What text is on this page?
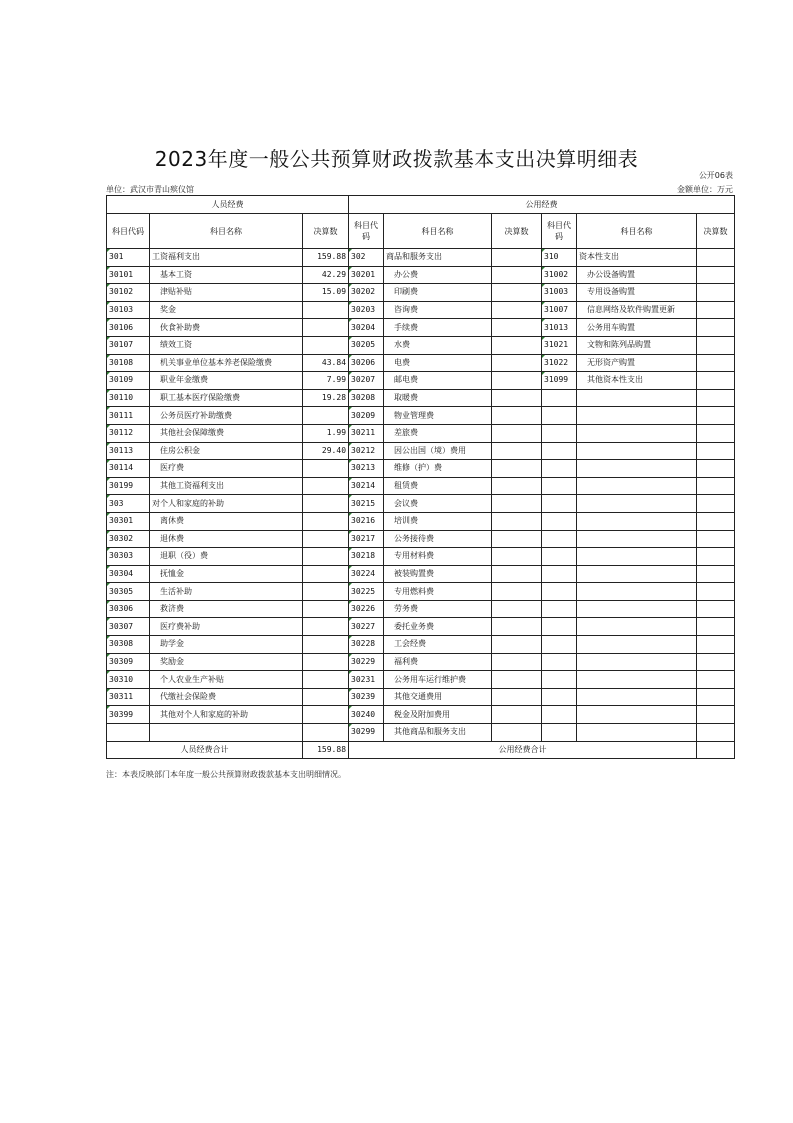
2023年度一般公共预算财政拨款基本支出决算明细表
公开06表
单位：武汉市青山殡仪馆	金额单位：万元
人员经费			公用经费					
科目代码	科目名称	决算数	科目代码	科目名称	决算数	科目代码	科目名称	决算数
301	工资福利支出	159.88	302	商品和服务支出		310	资本性支出	
30101	基本工资	42.29	30201	办公费		31002	办公设备购置	
30102	津贴补贴	15.09	30202	印刷费		31003	专用设备购置	
30103	奖金		30203	咨询费		31007	信息网络及软件购置更新	
30106	伙食补助费		30204	手续费		31013	公务用车购置	
30107	绩效工资		30205	水费		31021	文物和陈列品购置	
30108	机关事业单位基本养老保险缴费	43.84	30206	电费		31022	无形资产购置	
30109	职业年金缴费	7.99	30207	邮电费		31099	其他资本性支出	
30110	职工基本医疗保险缴费	19.28	30208	取暖费				
30111	公务员医疗补助缴费		30209	物业管理费				
30112	其他社会保障缴费	1.99	30211	差旅费				
30113	住房公积金	29.40	30212	因公出国（境）费用				
30114	医疗费		30213	维修（护）费				
30199	其他工资福利支出		30214	租赁费				
303	对个人和家庭的补助		30215	会议费				
30301	离休费		30216	培训费				
30302	退休费		30217	公务接待费				
30303	退职（役）费		30218	专用材料费				
30304	抚恤金		30224	被装购置费				
30305	生活补助		30225	专用燃料费				
30306	救济费		30226	劳务费				
30307	医疗费补助		30227	委托业务费				
30308	助学金		30228	工会经费				
30309	奖励金		30229	福利费				
30310	个人农业生产补贴		30231	公务用车运行维护费				
30311	代缴社会保险费		30239	其他交通费用				
30399	其他对个人和家庭的补助		30240	税金及附加费用				
			30299	其他商品和服务支出				
人员经费合计		159.88	公用经费合计					
注：本表反映部门本年度一般公共预算财政拨款基本支出明细情况。
